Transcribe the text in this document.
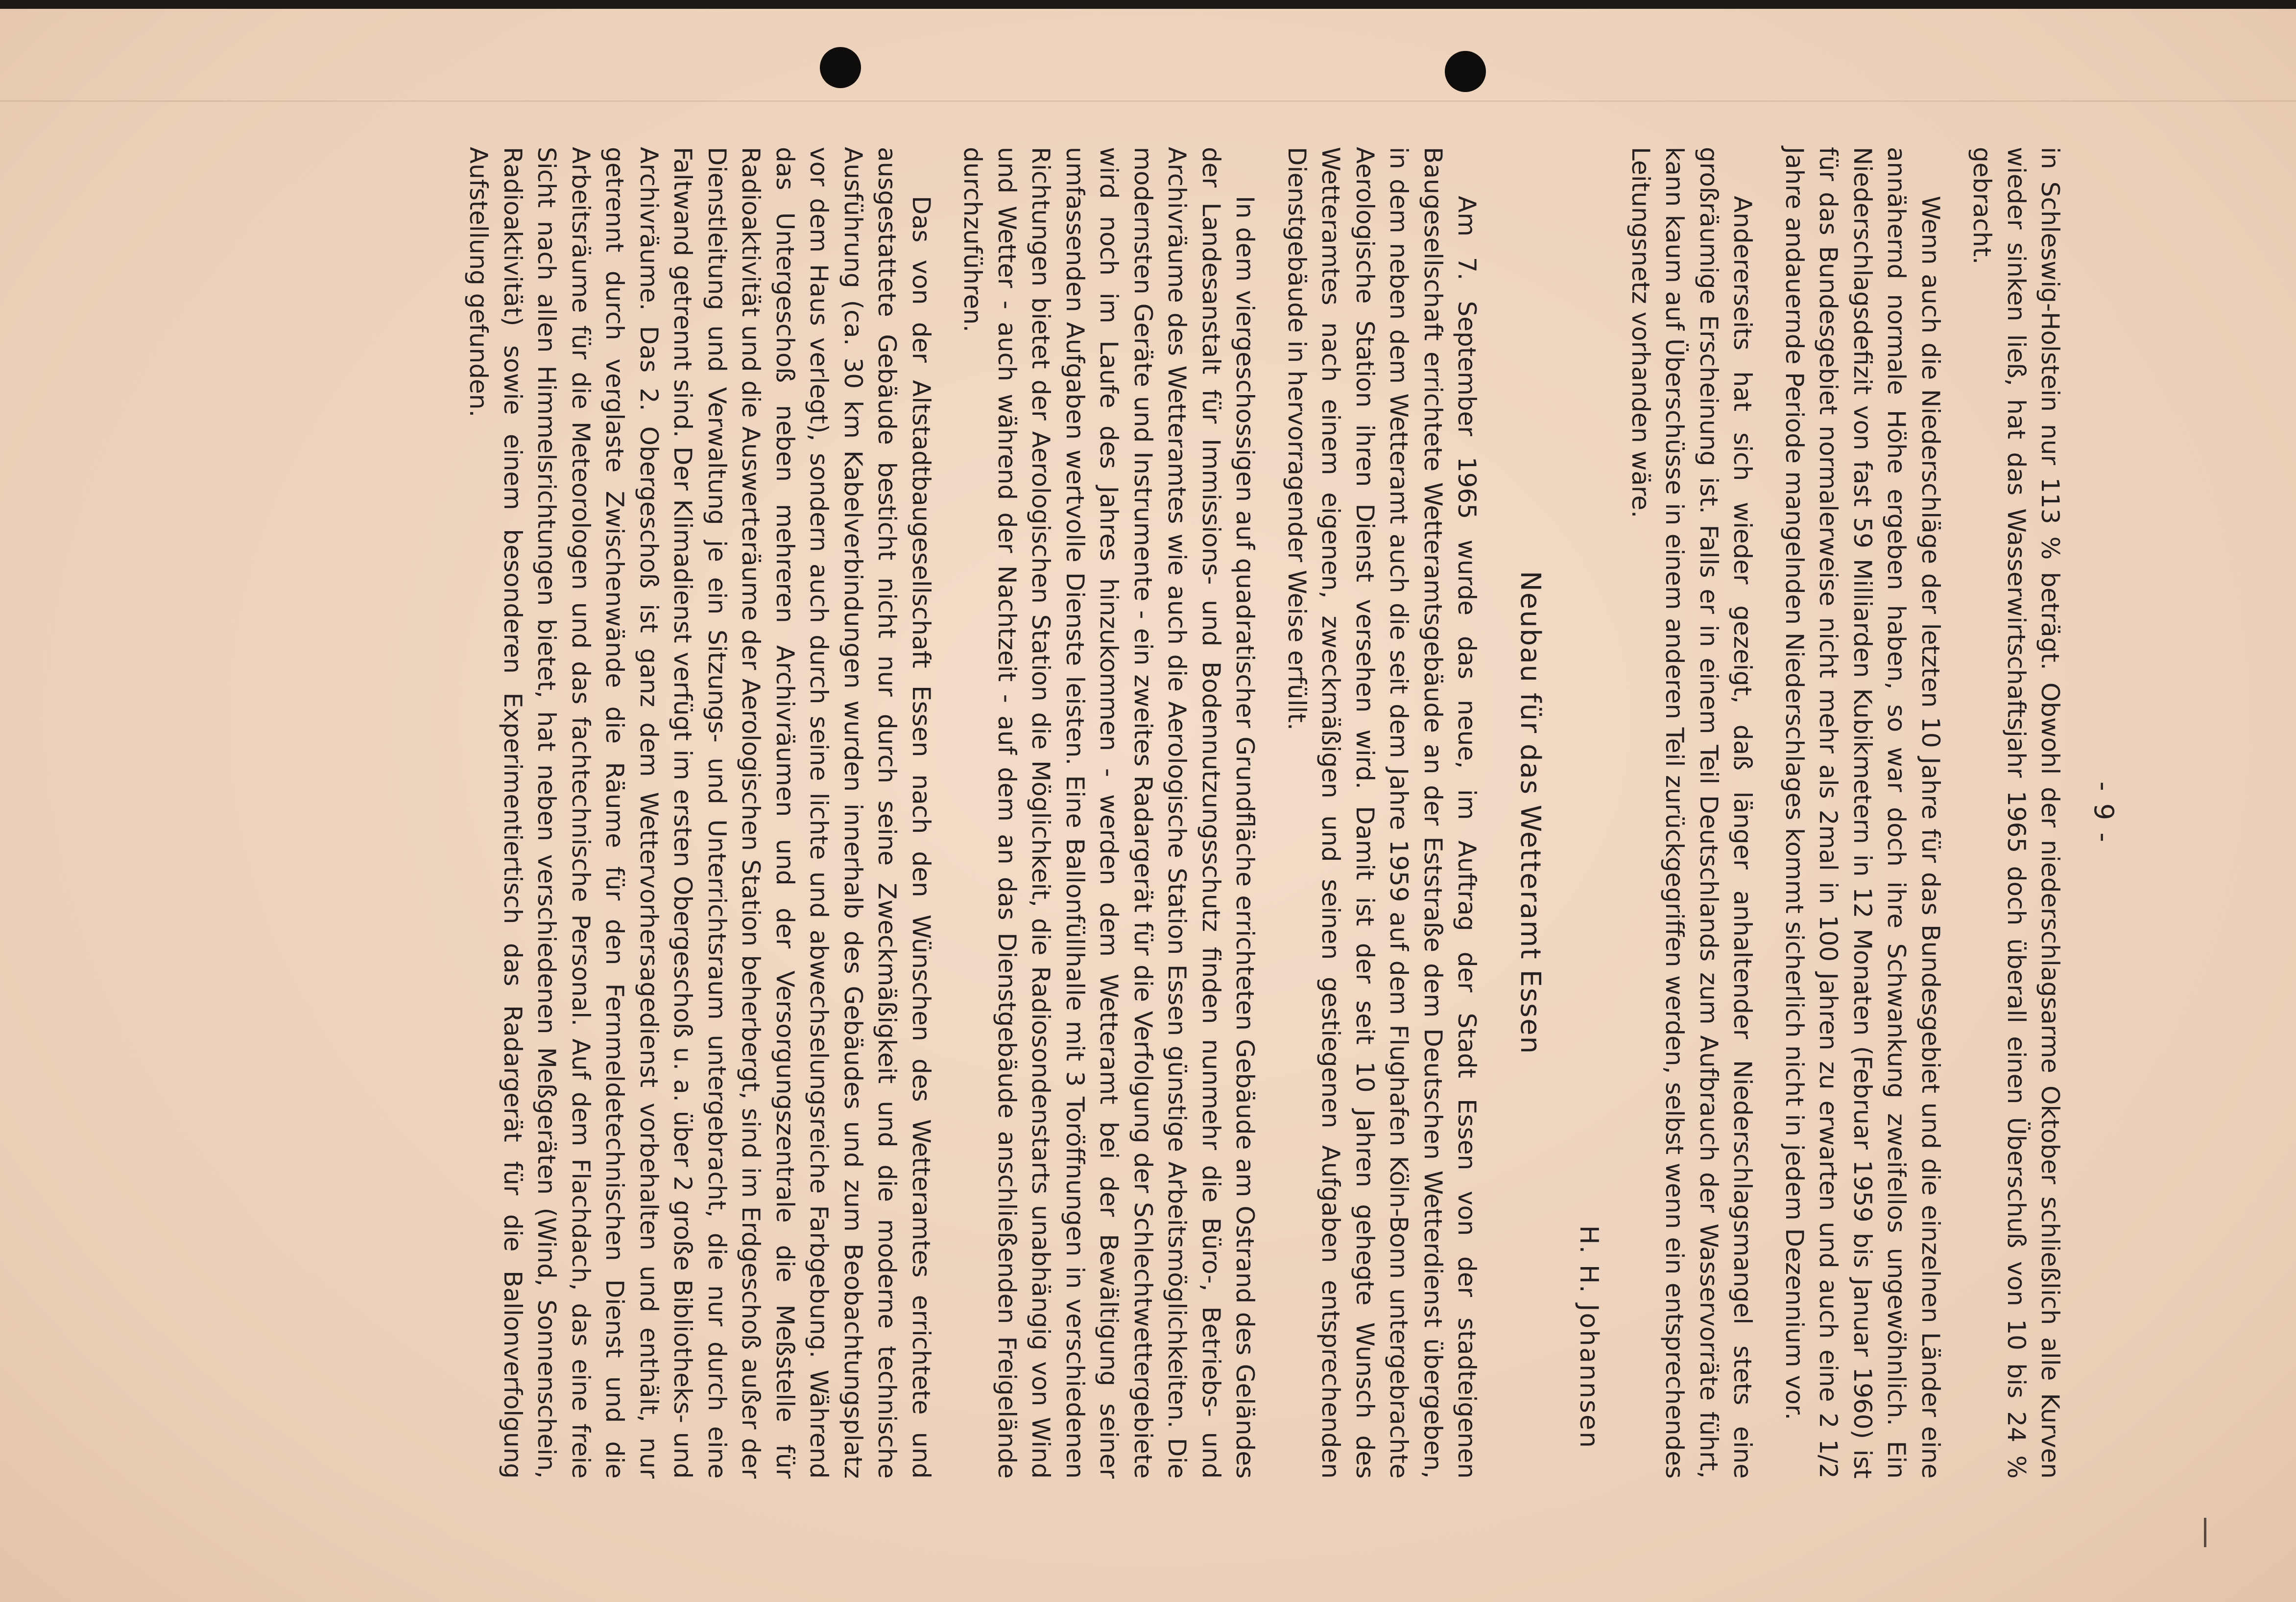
- 9 -

in Schleswig-Holstein nur 113 % beträgt. Obwohl der niederschlagsarme Oktober schließlich alle Kurven wieder sinken ließ, hat das Wasserwirtschaftsjahr 1965 doch überall einen Überschuß von 10 bis 24 % gebracht.

Wenn auch die Niederschläge der letzten 10 Jahre für das Bundesgebiet und die einzelnen Länder eine annähernd normale Höhe ergeben haben, so war doch ihre Schwankung zweifellos ungewöhnlich. Ein Niederschlagsdefizit von fast 59 Milliarden Kubikmetern in 12 Monaten (Februar 1959 bis Januar 1960) ist für das Bundesgebiet normalerweise nicht mehr als 2mal in 100 Jahren zu erwarten und auch eine 2 1/2 Jahre andauernde Periode mangelnden Niederschlages kommt sicherlich nicht in jedem Dezennium vor.

Andererseits hat sich wieder gezeigt, daß länger anhaltender Niederschlagsmangel stets eine großräumige Erscheinung ist. Falls er in einem Teil Deutschlands zum Aufbrauch der Wasservorräte führt, kann kaum auf Überschüsse in einem anderen Teil zurückgegriffen werden, selbst wenn ein entsprechendes Leitungsnetz vorhanden wäre.

H. H. Johannsen
Neubau für das Wetteramt Essen

Am 7. September 1965 wurde das neue, im Auftrag der Stadt Essen von der stadteigenen Baugesellschaft errichtete Wetteramtsgebäude an der Eststraße dem Deutschen Wetterdienst übergeben, in dem neben dem Wetteramt auch die seit dem Jahre 1959 auf dem Flughafen Köln-Bonn untergebrachte Aerologische Station ihren Dienst versehen wird. Damit ist der seit 10 Jahren gehegte Wunsch des Wetteramtes nach einem eigenen, zweckmäßigen und seinen gestiegenen Aufgaben entsprechenden Dienstgebäude in hervorragender Weise erfüllt.

In dem viergeschossigen auf quadratischer Grundfläche errichteten Gebäude am Ostrand des Geländes der Landesanstalt für Immissions- und Bodennutzungsschutz finden nunmehr die Büro-, Betriebs- und Archivräume des Wetteramtes wie auch die Aerologische Station Essen günstige Arbeitsmöglichkeiten. Die modernsten Geräte und Instrumente - ein zweites Radargerät für die Verfolgung der Schlechtwettergebiete wird noch im Laufe des Jahres hinzukommen - werden dem Wetteramt bei der Bewältigung seiner umfassenden Aufgaben wertvolle Dienste leisten. Eine Ballonfüllhalle mit 3 Toröffnungen in verschiedenen Richtungen bietet der Aerologischen Station die Möglichkeit, die Radiosondenstarts unabhängig von Wind und Wetter - auch während der Nachtzeit - auf dem an das Dienstgebäude anschließenden Freigelände durchzuführen.

Das von der Altstadtbaugesellschaft Essen nach den Wünschen des Wetteramtes errichtete und ausgestattete Gebäude besticht nicht nur durch seine Zweckmäßigkeit und die moderne technische Ausführung (ca. 30 km Kabelverbindungen wurden innerhalb des Gebäudes und zum Beobachtungsplatz vor dem Haus verlegt), sondern auch durch seine lichte und abwechselungsreiche Farbgebung. Während das Untergeschoß neben mehreren Archivräumen und der Versorgungszentrale die Meßstelle für Radioaktivität und die Auswerteräume der Aerologischen Station beherbergt, sind im Erdgeschoß außer der Dienstleitung und Verwaltung je ein Sitzungs- und Unterrichtsraum untergebracht, die nur durch eine Faltwand getrennt sind. Der Klimadienst verfügt im ersten Obergeschoß u. a. über 2 große Bibliotheks- und Archivräume. Das 2. Obergeschoß ist ganz dem Wettervorhersagedienst vorbehalten und enthält, nur getrennt durch verglaste Zwischenwände die Räume für den Fernmeldetechnischen Dienst und die Arbeitsräume für die Meteorologen und das fachtechnische Personal. Auf dem Flachdach, das eine freie Sicht nach allen Himmelsrichtungen bietet, hat neben verschiedenen Meßgeräten (Wind, Sonnenschein, Radioaktivität) sowie einem besonderen Experimentiertisch das Radargerät für die Ballonverfolgung Aufstellung gefunden.
